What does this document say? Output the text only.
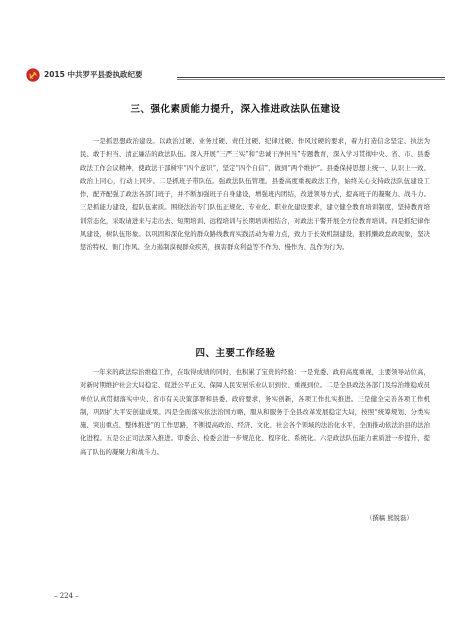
2015 中共罗平县委执政纪要
三、强化素质能力提升，深入推进政法队伍建设

一是抓思想政治建设。以政治过硬、业务过硬、责任过硬、纪律过硬、作风过硬的要求，着力打造信念坚定、执法为民、敢于担当、清正廉洁的政法队伍。深入开展“三严三实”和“忠诚干净担当”专题教育，深入学习贯彻中央、省、市、县委政法工作会议精神，使政法干部树牢“四个意识”，坚定“四个自信”，做到“两个维护”。县委保持思想上统一、认识上一致、政治上同心，行动上同步。二是抓班子带队伍。强政法队伍管理。县委高度重视政法工作，始终关心支持政法队伍建设工作，配齐配强了政法各部门班子，并不断加强班子自身建设，增强班内团结，改进领导方式，提高班子的凝聚力、战斗力。三是抓能力建设，提队伍素质。围绕法治专门队伍正规化、专业化、职业化建设要求，建立健全教育培训制度，坚持教育培训常态化，采取请进来与走出去、短期培训、远程培训与长期培训相结合，对政法干警开展全方位教育培训。四是抓纪律作风建设，树队伍形象。以巩固和深化党的群众路线教育实践活动为着力点，致力于长效机制建设，狠抓懒政怠政现象，坚决惩治特权、衙门作风、全力遏制漠视群众疾苦，损害群众利益等不作为、慢作为、乱作为行为。

四、主要工作经验

一年来的政法综治维稳工作，在取得成绩的同时，也积累了宝贵的经验：一是党委、政府高度重视，主要领导站位高，对新时期维护社会大局稳定、促进公平正义、保障人民安居乐业认识到位、重视到位。二是全县政法各部门及综治维稳成员单位认真贯彻落实中央、省市有关决策部署和县委、政府要求，务实创新，各项工作扎实推进。三是健全完善各项工作机制，巩固扩大平安创建成果。四是全面落实依法治国方略，服从和服务于全县改革发展稳定大局，按照“统筹规划、分类实施、突出重点、整体推进”的工作思路，不断提高政治、经济、文化、社会各个领域的法治化水平，全面推动依法治县的法治化进程。五是公正司法深入推进。审委会、检委会进一步规范化、程序化、系统化。六是政法队伍能力素质进一步提升，提高了队伍的凝聚力和战斗力。

（撰稿 熊锐磊）
– 224 –
